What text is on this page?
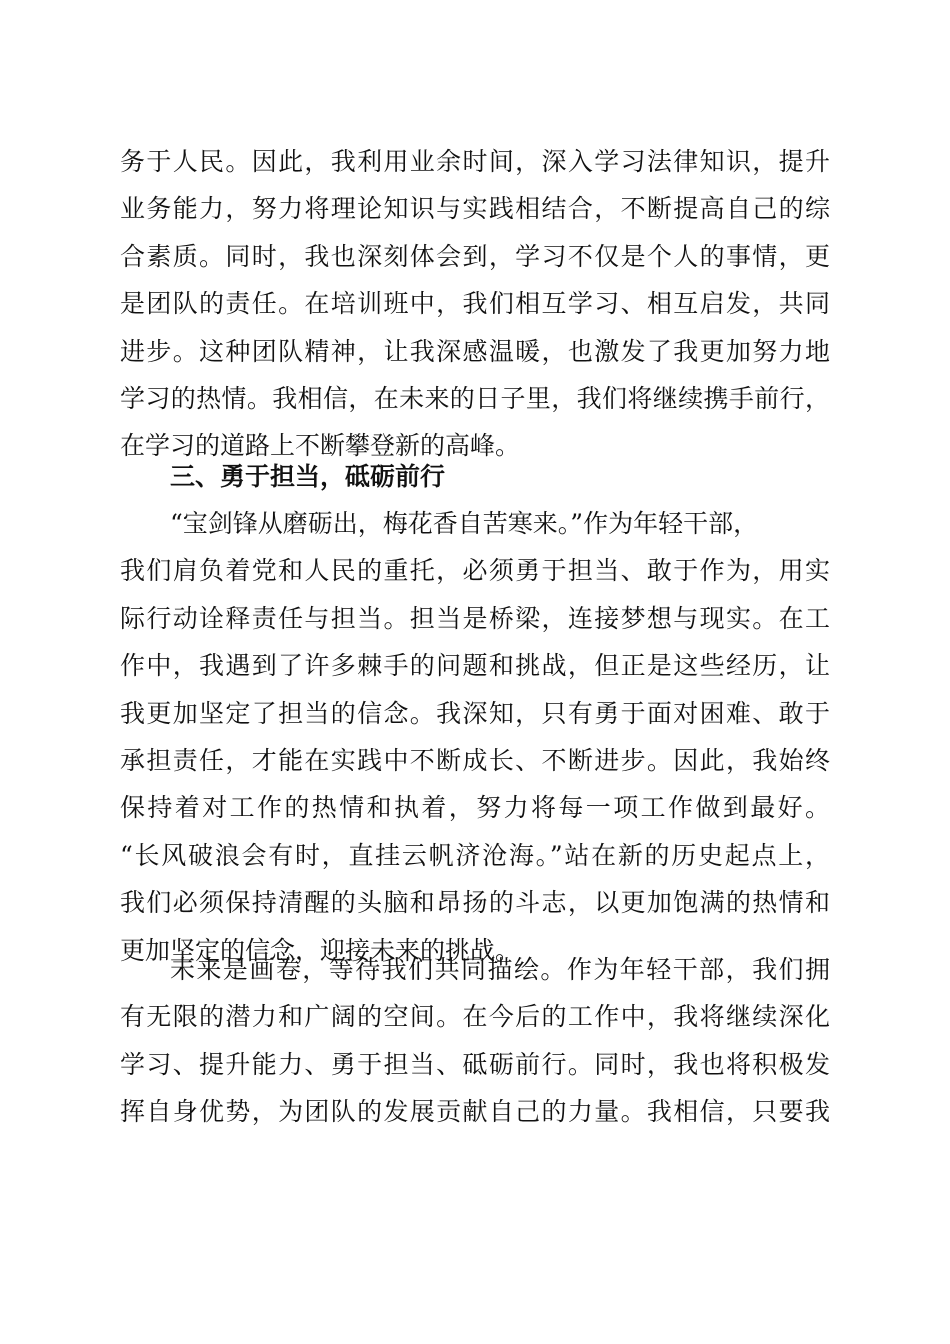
务于人民。因此，我利用业余时间，深入学习法律知识，提升
业务能力，努力将理论知识与实践相结合，不断提高自己的综
合素质。同时，我也深刻体会到，学习不仅是个人的事情，更
是团队的责任。在培训班中，我们相互学习、相互启发，共同
进步。这种团队精神，让我深感温暖，也激发了我更加努力地
学习的热情。我相信，在未来的日子里，我们将继续携手前行，
在学习的道路上不断攀登新的高峰。
三、勇于担当，砥砺前行
“宝剑锋从磨砺出，梅花香自苦寒来。”作为年轻干部，
我们肩负着党和人民的重托，必须勇于担当、敢于作为，用实
际行动诠释责任与担当。担当是桥梁，连接梦想与现实。在工
作中，我遇到了许多棘手的问题和挑战，但正是这些经历，让
我更加坚定了担当的信念。我深知，只有勇于面对困难、敢于
承担责任，才能在实践中不断成长、不断进步。因此，我始终
保持着对工作的热情和执着，努力将每一项工作做到最好。
“长风破浪会有时，直挂云帆济沧海。”站在新的历史起点上，
我们必须保持清醒的头脑和昂扬的斗志，以更加饱满的热情和
更加坚定的信念，迎接未来的挑战。
未来是画卷，等待我们共同描绘。作为年轻干部，我们拥
有无限的潜力和广阔的空间。在今后的工作中，我将继续深化
学习、提升能力、勇于担当、砥砺前行。同时，我也将积极发
挥自身优势，为团队的发展贡献自己的力量。我相信，只要我
